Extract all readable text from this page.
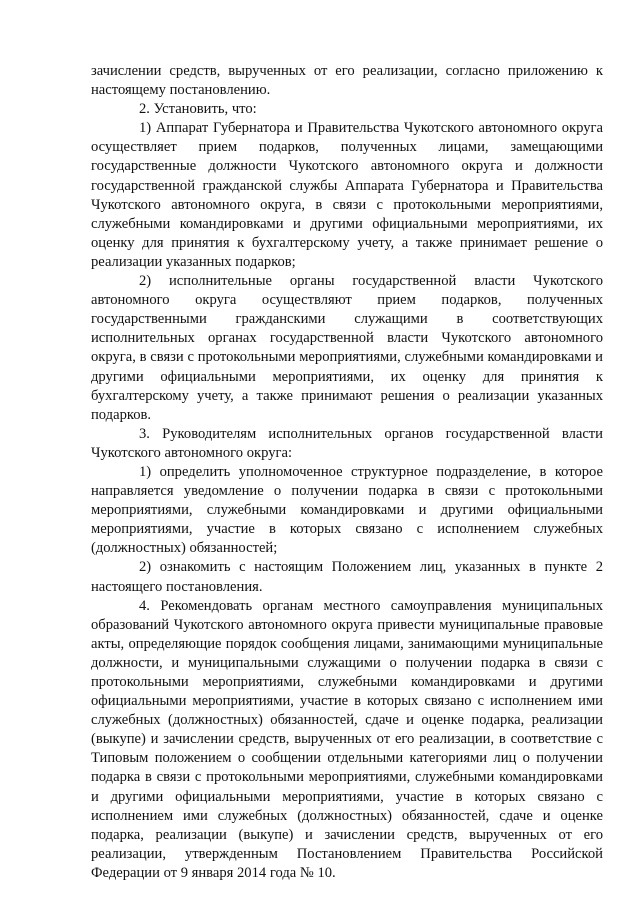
зачислении средств, вырученных от его реализации, согласно приложению к настоящему постановлению.

2. Установить, что:

1) Аппарат Губернатора и Правительства Чукотского автономного округа осуществляет прием подарков, полученных лицами, замещающими государственные должности Чукотского автономного округа и должности государственной гражданской службы Аппарата Губернатора и Правительства Чукотского автономного округа, в связи с протокольными мероприятиями, служебными командировками и другими официальными мероприятиями, их оценку для принятия к бухгалтерскому учету, а также принимает решение о реализации указанных подарков;

2) исполнительные органы государственной власти Чукотского автономного округа осуществляют прием подарков, полученных государственными гражданскими служащими в соответствующих исполнительных органах государственной власти Чукотского автономного округа, в связи с протокольными мероприятиями, служебными командировками и другими официальными мероприятиями, их оценку для принятия к бухгалтерскому учету, а также принимают решения о реализации указанных подарков.

3. Руководителям исполнительных органов государственной власти Чукотского автономного округа:

1) определить уполномоченное структурное подразделение, в которое направляется уведомление о получении подарка в связи с протокольными мероприятиями, служебными командировками и другими официальными мероприятиями, участие в которых связано с исполнением служебных (должностных) обязанностей;

2) ознакомить с настоящим Положением лиц, указанных в пункте 2 настоящего постановления.

4. Рекомендовать органам местного самоуправления муниципальных образований Чукотского автономного округа привести муниципальные правовые акты, определяющие порядок сообщения лицами, занимающими муниципальные должности, и муниципальными служащими о получении подарка в связи с протокольными мероприятиями, служебными командировками и другими официальными мероприятиями, участие в которых связано с исполнением ими служебных (должностных) обязанностей, сдаче и оценке подарка, реализации (выкупе) и зачислении средств, вырученных от его реализации, в соответствие с Типовым положением о сообщении отдельными категориями лиц о получении подарка в связи с протокольными мероприятиями, служебными командировками и другими официальными мероприятиями, участие в которых связано с исполнением ими служебных (должностных) обязанностей, сдаче и оценке подарка, реализации (выкупе) и зачислении средств, вырученных от его реализации, утвержденным Постановлением Правительства Российской Федерации от 9 января 2014 года № 10.
